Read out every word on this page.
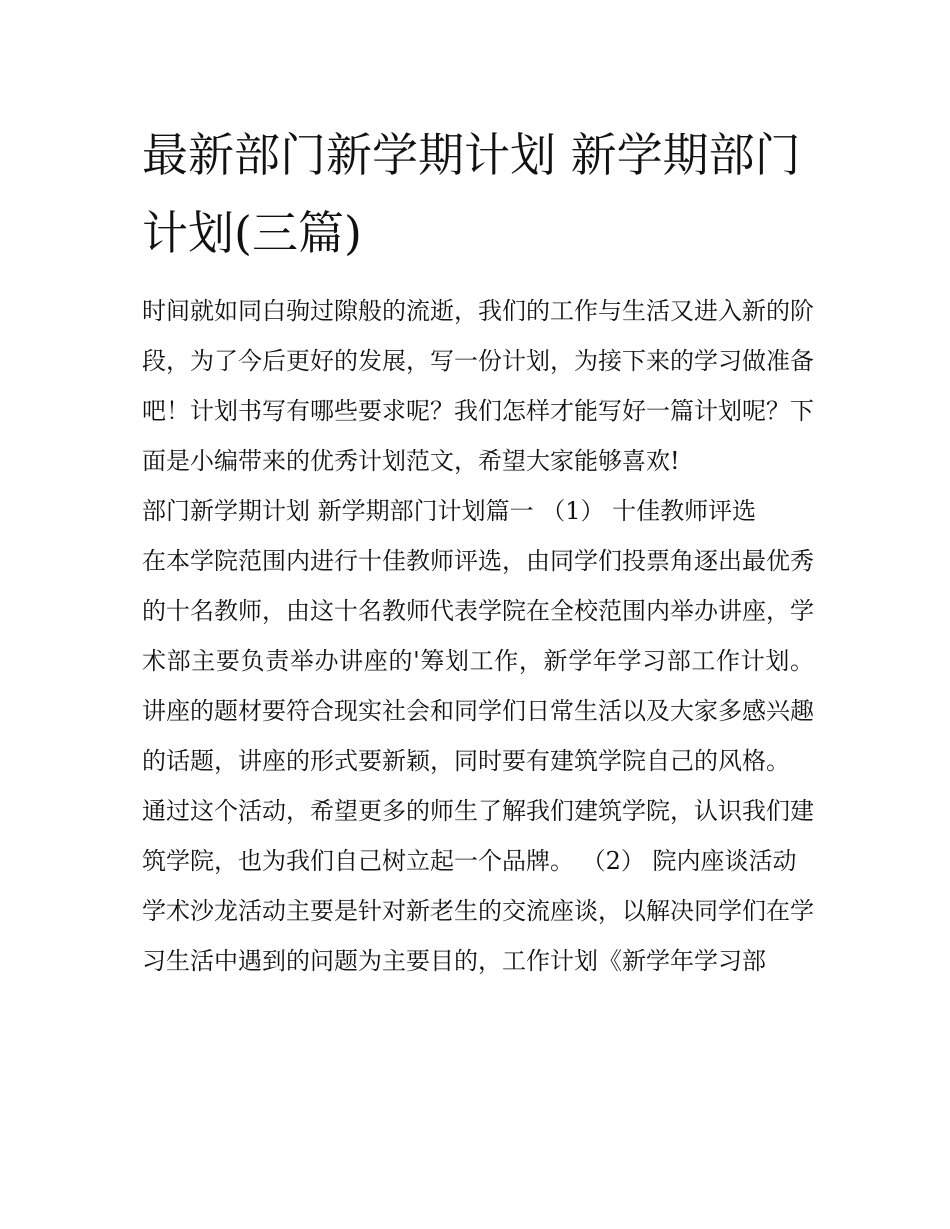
最新部门新学期计划 新学期部门计划(三篇)

时间就如同白驹过隙般的流逝，我们的工作与生活又进入新的阶段，为了今后更好的发展，写一份计划，为接下来的学习做准备吧！计划书写有哪些要求呢？我们怎样才能写好一篇计划呢？下面是小编带来的优秀计划范文，希望大家能够喜欢!

部门新学期计划 新学期部门计划篇一 （1） 十佳教师评选

在本学院范围内进行十佳教师评选，由同学们投票角逐出最优秀的十名教师，由这十名教师代表学院在全校范围内举办讲座，学术部主要负责举办讲座的'筹划工作，新学年学习部工作计划。讲座的题材要符合现实社会和同学们日常生活以及大家多感兴趣的话题，讲座的形式要新颖，同时要有建筑学院自己的风格。

通过这个活动，希望更多的师生了解我们建筑学院，认识我们建筑学院，也为我们自己树立起一个品牌。 （2） 院内座谈活动

学术沙龙活动主要是针对新老生的交流座谈，以解决同学们在学习生活中遇到的问题为主要目的，工作计划《新学年学习部
